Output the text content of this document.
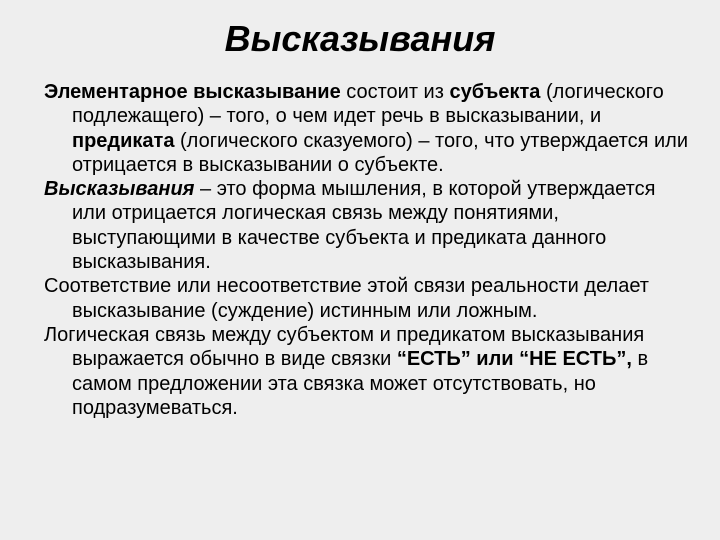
Высказывания

Элементарное высказывание состоит из субъекта (логического подлежащего) – того, о чем идет речь в высказывании, и предиката (логического сказуемого) – того, что утверждается или отрицается в высказывании о субъекте.

Высказывания – это форма мышления, в которой утверждается или отрицается логическая связь между понятиями, выступающими в качестве субъекта и предиката данного высказывания.

Соответствие или несоответствие этой связи реальности делает высказывание (суждение) истинным или ложным.

Логическая связь между субъектом и предикатом высказывания выражается обычно в виде связки “ЕСТЬ” или “НЕ ЕСТЬ”, в самом предложении эта связка может отсутствовать, но подразумеваться.
